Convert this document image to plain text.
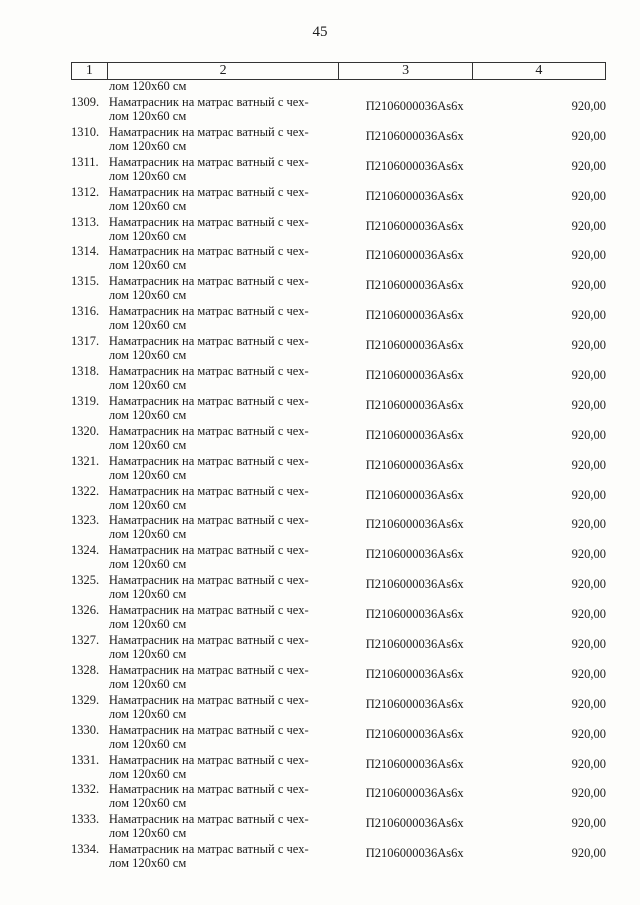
45
1	2	3	4
лом 120х60 см
1309. Наматрасник на матрас ватный с чех-
лом 120х60 см
П2106000036Аs6х	920,00
1310. Наматрасник на матрас ватный с чех-
лом 120х60 см
П2106000036Аs6х	920,00
1311. Наматрасник на матрас ватный с чех-
лом 120х60 см
П2106000036Аs6х	920,00
1312. Наматрасник на матрас ватный с чех-
лом 120х60 см
П2106000036Аs6х	920,00
1313. Наматрасник на матрас ватный с чех-
лом 120х60 см
П2106000036Аs6х	920,00
1314. Наматрасник на матрас ватный с чех-
лом 120х60 см
П2106000036Аs6х	920,00
1315. Наматрасник на матрас ватный с чех-
лом 120х60 см
П2106000036Аs6х	920,00
1316. Наматрасник на матрас ватный с чех-
лом 120х60 см
П2106000036Аs6х	920,00
1317. Наматрасник на матрас ватный с чех-
лом 120х60 см
П2106000036Аs6х	920,00
1318. Наматрасник на матрас ватный с чех-
лом 120х60 см
П2106000036Аs6х	920,00
1319. Наматрасник на матрас ватный с чех-
лом 120х60 см
П2106000036Аs6х	920,00
1320. Наматрасник на матрас ватный с чех-
лом 120х60 см
П2106000036Аs6х	920,00
1321. Наматрасник на матрас ватный с чех-
лом 120х60 см
П2106000036Аs6х	920,00
1322. Наматрасник на матрас ватный с чех-
лом 120х60 см
П2106000036Аs6х	920,00
1323. Наматрасник на матрас ватный с чех-
лом 120х60 см
П2106000036Аs6х	920,00
1324. Наматрасник на матрас ватный с чех-
лом 120х60 см
П2106000036Аs6х	920,00
1325. Наматрасник на матрас ватный с чех-
лом 120х60 см
П2106000036Аs6х	920,00
1326. Наматрасник на матрас ватный с чех-
лом 120х60 см
П2106000036Аs6х	920,00
1327. Наматрасник на матрас ватный с чех-
лом 120х60 см
П2106000036Аs6х	920,00
1328. Наматрасник на матрас ватный с чех-
лом 120х60 см
П2106000036Аs6х	920,00
1329. Наматрасник на матрас ватный с чех-
лом 120х60 см
П2106000036Аs6х	920,00
1330. Наматрасник на матрас ватный с чех-
лом 120х60 см
П2106000036Аs6х	920,00
1331. Наматрасник на матрас ватный с чех-
лом 120х60 см
П2106000036Аs6х	920,00
1332. Наматрасник на матрас ватный с чех-
лом 120х60 см
П2106000036Аs6х	920,00
1333. Наматрасник на матрас ватный с чех-
лом 120х60 см
П2106000036Аs6х	920,00
1334. Наматрасник на матрас ватный с чех-
лом 120х60 см
П2106000036Аs6х	920,00
